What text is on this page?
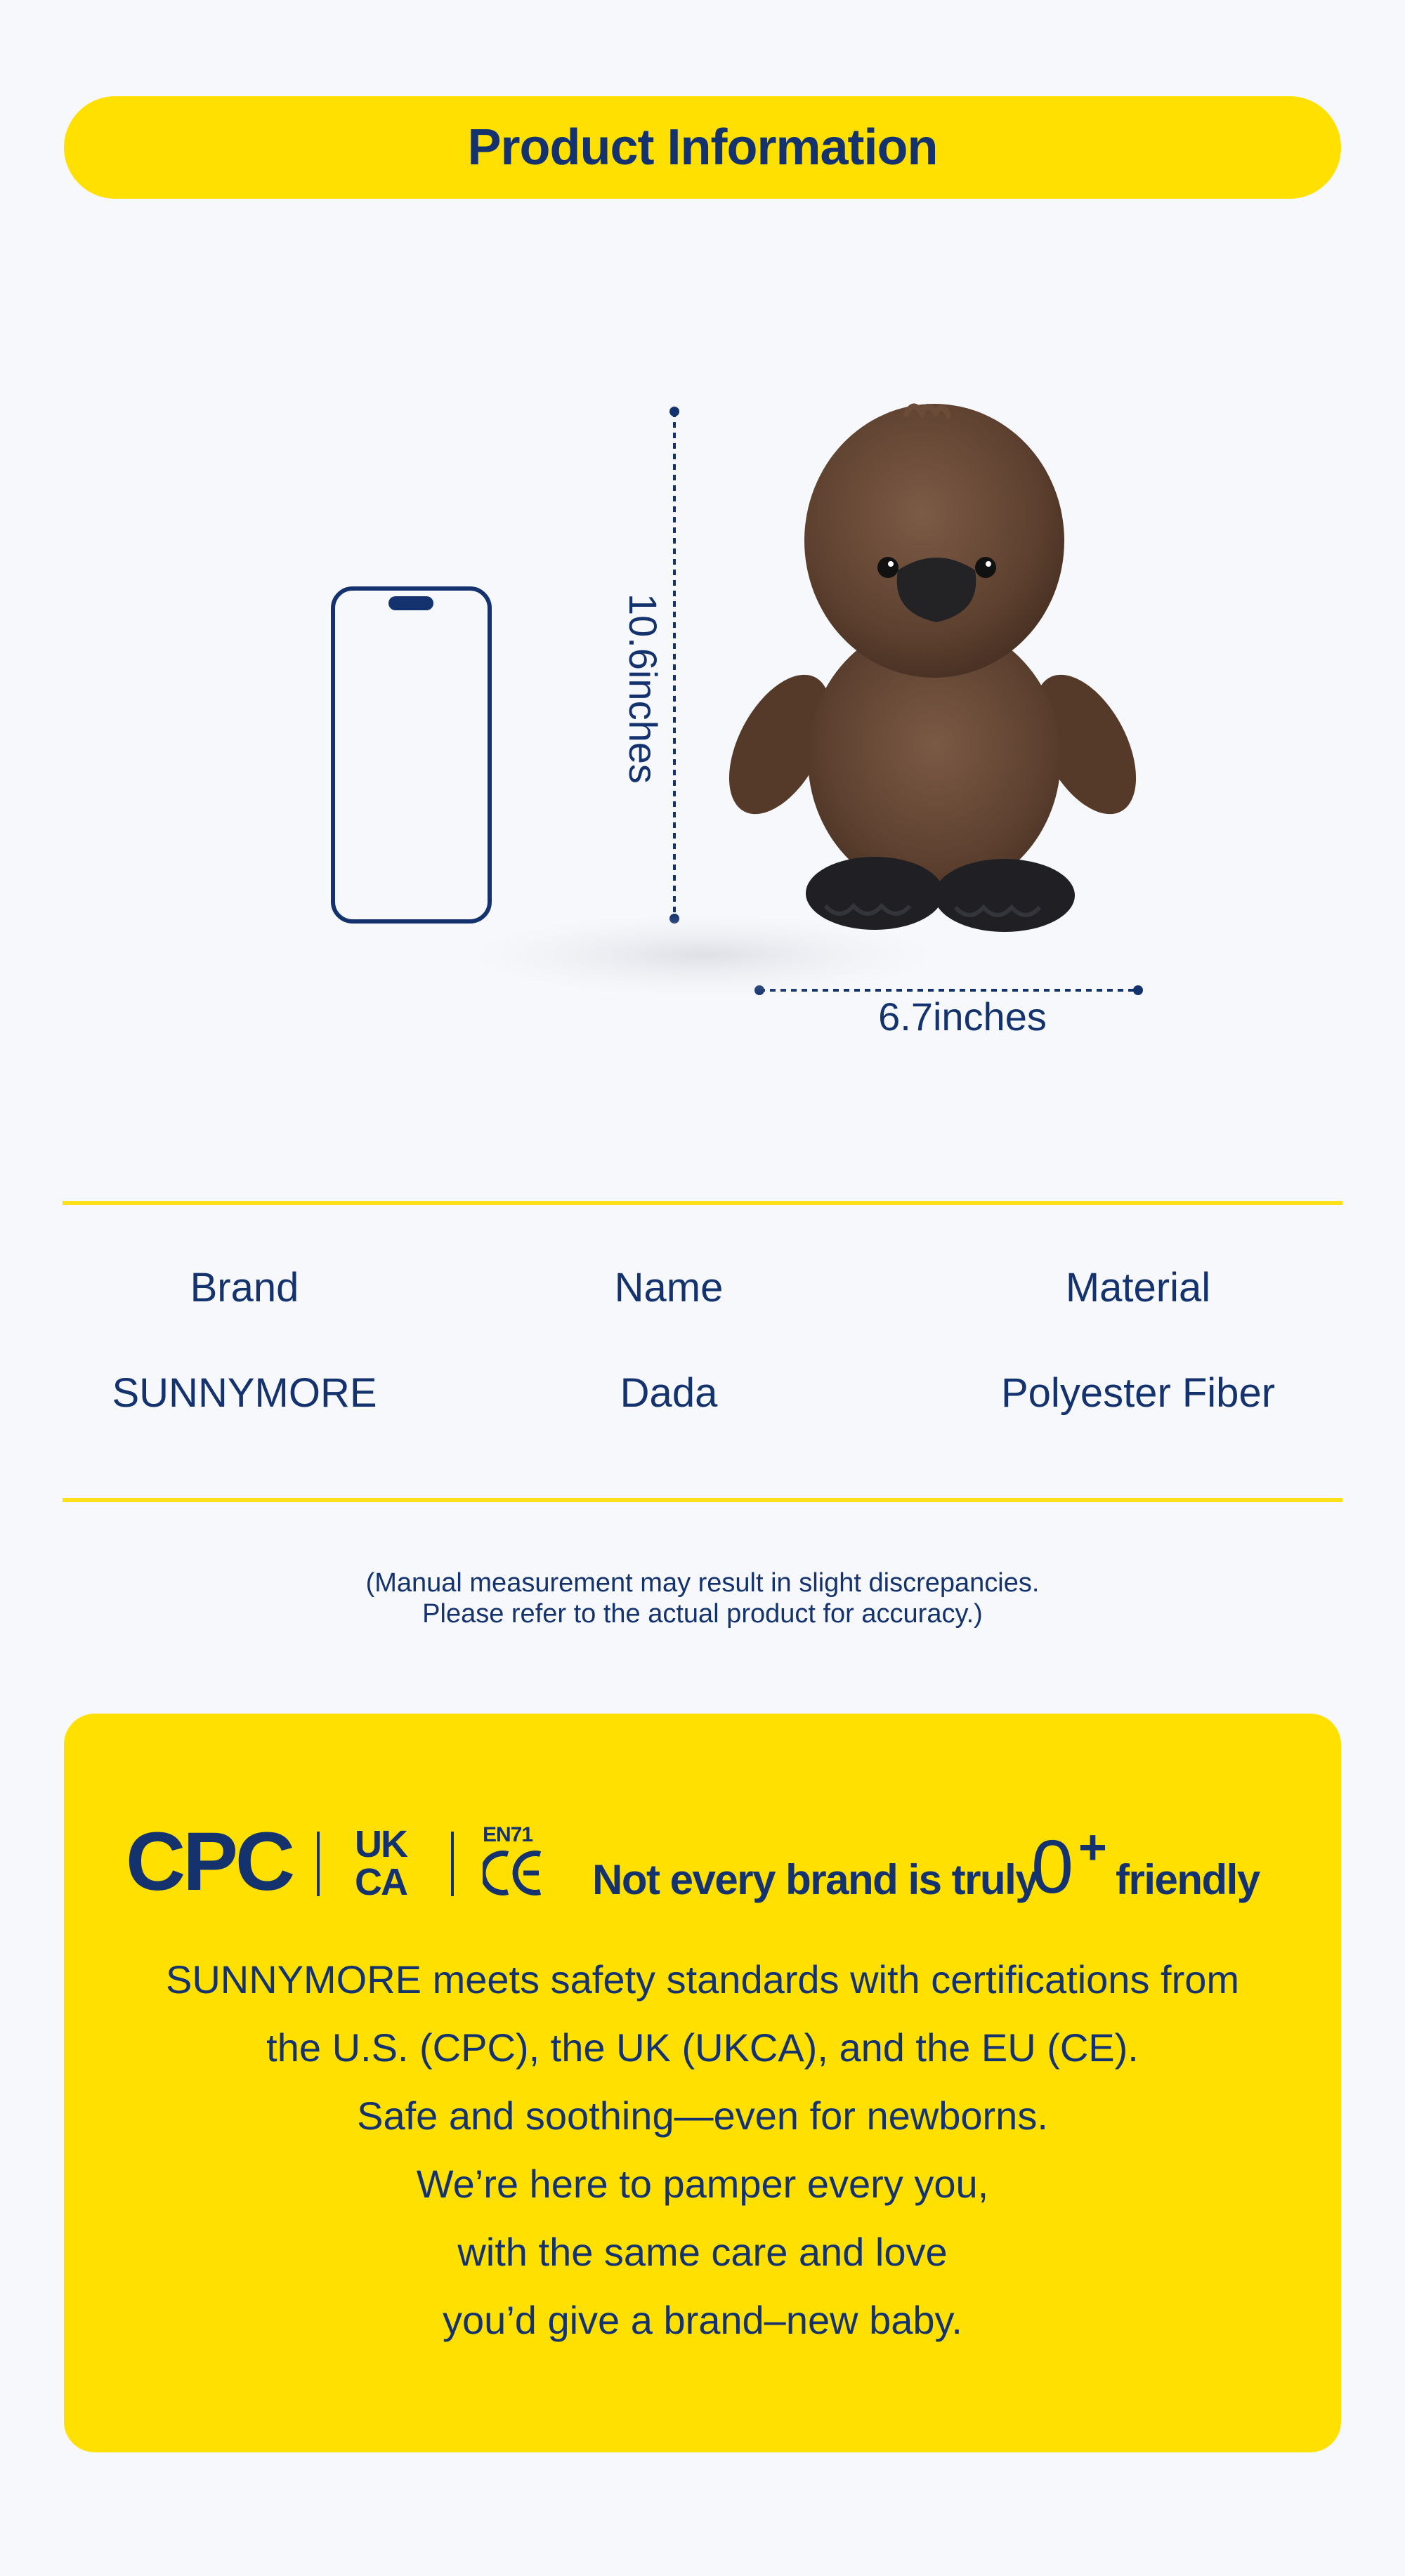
Product Information
10.6inches
6.7inches
Brand
SUNNYMORE
Name
Dada
Material
Polyester Fiber
(Manual measurement may result in slight discrepancies.
Please refer to the actual product for accuracy.)
CPC UK
CA
EN71
Not every brand is truly
0 +
friendly
SUNNYMORE meets safety standards with certifications from
the U.S. (CPC), the UK (UKCA), and the EU (CE).
Safe and soothing—even for newborns.
We’re here to pamper every you,
with the same care and love
you’d give a brand–new baby.
